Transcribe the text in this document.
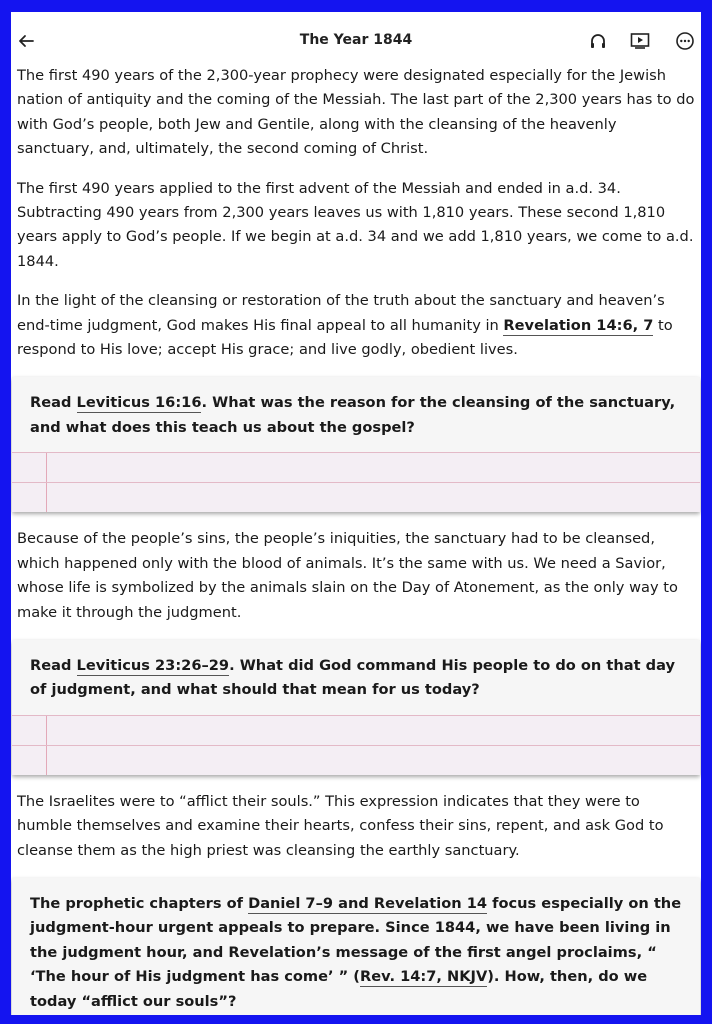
The Year 1844

The first 490 years of the 2,300-year prophecy were designated especially for the Jewish nation of antiquity and the coming of the Messiah. The last part of the 2,300 years has to do with God’s people, both Jew and Gentile, along with the cleansing of the heavenly sanctuary, and, ultimately, the second coming of Christ.

The first 490 years applied to the first advent of the Messiah and ended in a.d. 34. Subtracting 490 years from 2,300 years leaves us with 1,810 years. These second 1,810 years apply to God’s people. If we begin at a.d. 34 and we add 1,810 years, we come to a.d. 1844.

In the light of the cleansing or restoration of the truth about the sanctuary and heaven’s end-time judgment, God makes His final appeal to all humanity in Revelation 14:6, 7 to respond to His love; accept His grace; and live godly, obedient lives.

Read Leviticus 16:16. What was the reason for the cleansing of the sanctuary, and what does this teach us about the gospel?

Because of the people’s sins, the people’s iniquities, the sanctuary had to be cleansed, which happened only with the blood of animals. It’s the same with us. We need a Savior, whose life is symbolized by the animals slain on the Day of Atonement, as the only way to make it through the judgment.

Read Leviticus 23:26–29. What did God command His people to do on that day of judgment, and what should that mean for us today?

The Israelites were to “afflict their souls.” This expression indicates that they were to humble themselves and examine their hearts, confess their sins, repent, and ask God to cleanse them as the high priest was cleansing the earthly sanctuary.

The prophetic chapters of Daniel 7–9 and Revelation 14 focus especially on the judgment-hour urgent appeals to prepare. Since 1844, we have been living in the judgment hour, and Revelation’s message of the first angel proclaims, “ ‘The hour of His judgment has come’ ” (Rev. 14:7, NKJV). How, then, do we today “afflict our souls”?
